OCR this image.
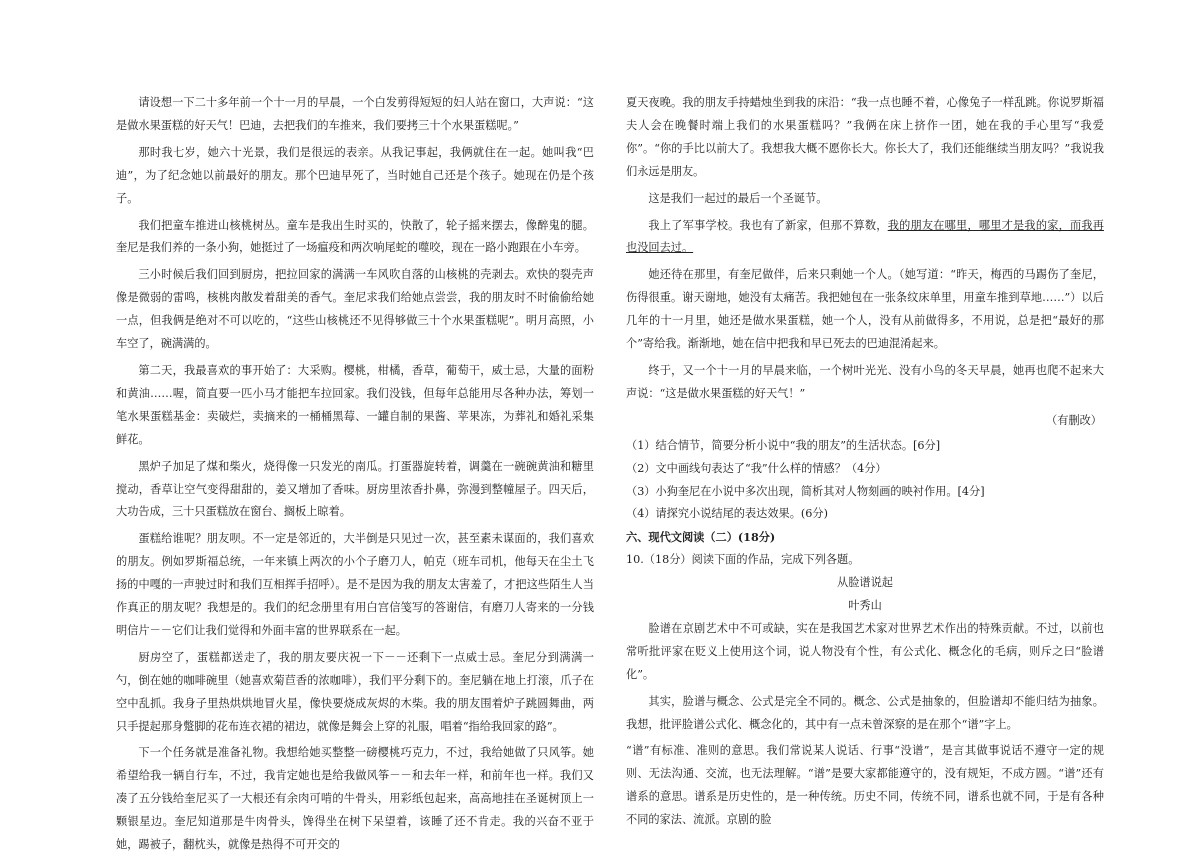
请设想一下二十多年前一个十一月的早晨，一个白发剪得短短的妇人站在窗口，大声说：“这是做水果蛋糕的好天气！巴迪，去把我们的车推来，我们要拷三十个水果蛋糕呢。”

那时我七岁，她六十光景，我们是很远的表亲。从我记事起，我俩就住在一起。她叫我“巴迪”，为了纪念她以前最好的朋友。那个巴迪早死了，当时她自己还是个孩子。她现在仍是个孩子。

我们把童车推进山核桃树丛。童车是我出生时买的，快散了，轮子摇来摆去，像醉鬼的腿。奎尼是我们养的一条小狗，她挺过了一场瘟疫和两次响尾蛇的噬咬，现在一路小跑跟在小车旁。

三小时候后我们回到厨房，把拉回家的满满一车风吹自落的山核桃的壳剥去。欢快的裂壳声像是微弱的雷鸣，核桃肉散发着甜美的香气。奎尼求我们给她点尝尝，我的朋友时不时偷偷给她一点，但我俩是绝对不可以吃的，“这些山核桃还不见得够做三十个水果蛋糕呢”。明月高照，小车空了，碗满满的。

第二天，我最喜欢的事开始了：大采购。樱桃，柑橘，香草，葡萄干，威士忌，大量的面粉和黄油……喔，简直要一匹小马才能把车拉回家。我们没钱，但每年总能用尽各种办法，筹划一笔水果蛋糕基金：卖破烂，卖摘来的一桶桶黑莓、一罐自制的果酱、苹果冻，为葬礼和婚礼采集鲜花。

黑炉子加足了煤和柴火，烧得像一只发光的南瓜。打蛋器旋转着，调羹在一碗碗黄油和糖里搅动，香草让空气变得甜甜的，姜又增加了香味。厨房里浓香扑鼻，弥漫到整幢屋子。四天后，大功告成，三十只蛋糕放在窗台、搁板上晾着。

蛋糕给谁呢？朋友呗。不一定是邻近的，大半倒是只见过一次，甚至素未谋面的，我们喜欢的朋友。例如罗斯福总统，一年来镇上两次的小个子磨刀人，帕克（班车司机，他每天在尘土飞扬的中嘎的一声驶过时和我们互相挥手招呼）。是不是因为我的朋友太害羞了，才把这些陌生人当作真正的朋友呢？我想是的。我们的纪念册里有用白宫信笺写的答谢信，有磨刀人寄来的一分钱明信片－－它们让我们觉得和外面丰富的世界联系在一起。

厨房空了，蛋糕都送走了，我的朋友要庆祝一下－－还剩下一点威士忌。奎尼分到满满一勺，倒在她的咖啡碗里（她喜欢菊苣香的浓咖啡），我们平分剩下的。奎尼躺在地上打滚，爪子在空中乱抓。我身子里热烘烘地冒火星，像快要烧成灰烬的木柴。我的朋友围着炉子跳圆舞曲，两只手提起那身蹩脚的花布连衣裙的裙边，就像是舞会上穿的礼服，唱着“指给我回家的路”。

下一个任务就是准备礼物。我想给她买整整一磅樱桃巧克力，不过，我给她做了只风筝。她希望给我一辆自行车，不过，我肯定她也是给我做风筝－－和去年一样，和前年也一样。我们又凑了五分钱给奎尼买了一大根还有余肉可啃的牛骨头，用彩纸包起来，高高地挂在圣诞树顶上一颗银星边。奎尼知道那是牛肉骨头，馋得坐在树下呆望着，该睡了还不肯走。我的兴奋不亚于她，踢被子，翻枕头，就像是热得不可开交的

夏天夜晚。我的朋友手持蜡烛坐到我的床沿：“我一点也睡不着，心像兔子一样乱跳。你说罗斯福夫人会在晚餐时端上我们的水果蛋糕吗？”我俩在床上挤作一团，她在我的手心里写“我爱你”。“你的手比以前大了。我想我大概不愿你长大。你长大了，我们还能继续当朋友吗？”我说我们永远是朋友。

这是我们一起过的最后一个圣诞节。

我上了军事学校。我也有了新家，但那不算数，我的朋友在哪里，哪里才是我的家，而我再也没回去过。

她还待在那里，有奎尼做伴，后来只剩她一个人。（她写道：“昨天，梅西的马踢伤了奎尼，伤得很重。谢天谢地，她没有太痛苦。我把她包在一张条纹床单里，用童车推到草地……”）以后几年的十一月里，她还是做水果蛋糕，她一个人，没有从前做得多，不用说，总是把“最好的那个”寄给我。渐渐地，她在信中把我和早已死去的巴迪混淆起来。

终于，又一个十一月的早晨来临，一个树叶光光、没有小鸟的冬天早晨，她再也爬不起来大声说：“这是做水果蛋糕的好天气！”

（有删改）

（1）结合情节，简要分析小说中“我的朋友”的生活状态。[6分]

（2）文中画线句表达了“我”什么样的情感？（4分）

（3）小狗奎尼在小说中多次出现，简析其对人物刻画的映衬作用。[4分]

（4）请探究小说结尾的表达效果。(6分)

六、现代文阅读（二）(18分)

10.（18分）阅读下面的作品，完成下列各题。

从脸谱说起

叶秀山

脸谱在京剧艺术中不可或缺，实在是我国艺术家对世界艺术作出的特殊贡献。不过，以前也常听批评家在贬义上使用这个词，说人物没有个性，有公式化、概念化的毛病，则斥之曰“脸谱化”。

其实，脸谱与概念、公式是完全不同的。概念、公式是抽象的，但脸谱却不能归结为抽象。我想，批评脸谱公式化、概念化的，其中有一点未曾深察的是在那个“谱”字上。

“谱”有标准、准则的意思。我们常说某人说话、行事“没谱”，是言其做事说话不遵守一定的规则、无法沟通、交流，也无法理解。“谱”是要大家都能遵守的，没有规矩，不成方圆。“谱”还有谱系的意思。谱系是历史性的，是一种传统。历史不同，传统不同，谱系也就不同，于是有各种不同的家法、流派。京剧的脸
